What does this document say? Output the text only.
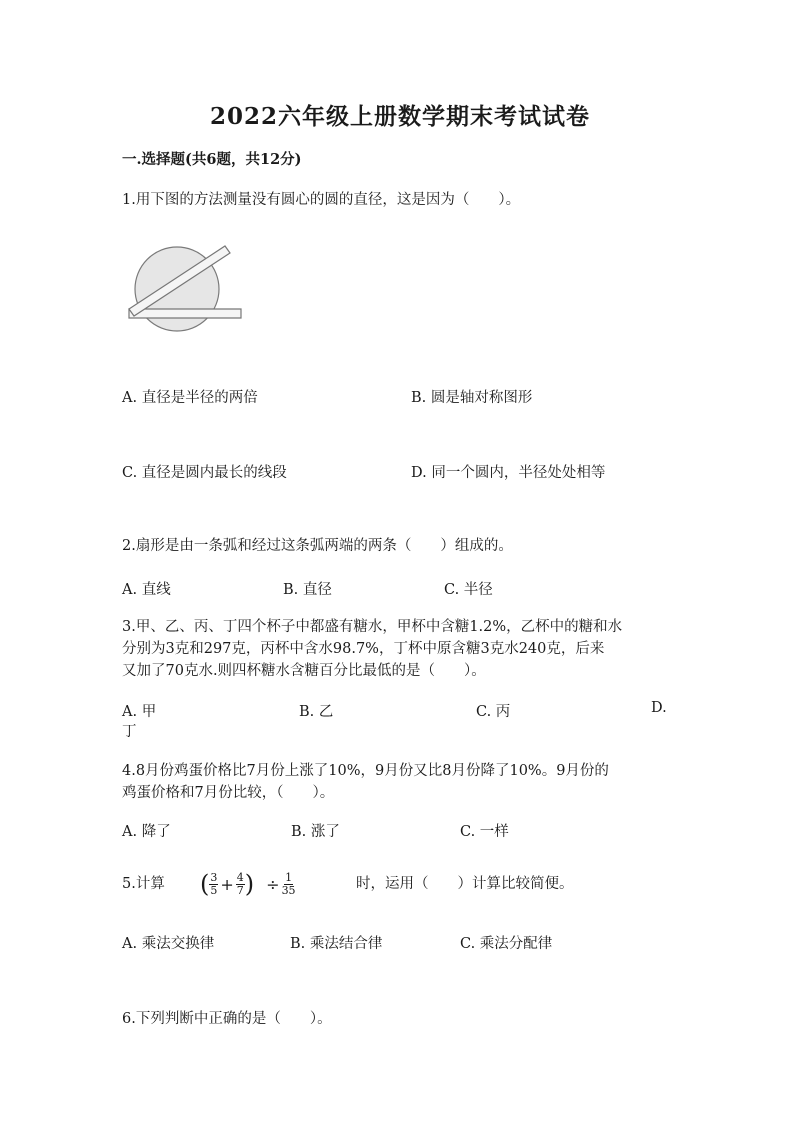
2022六年级上册数学期末考试试卷
一.选择题(共6题，共12分)
1.用下图的方法测量没有圆心的圆的直径，这是因为（　　）。
A. 直径是半径的两倍	B. 圆是轴对称图形
C. 直径是圆内最长的线段	D. 同一个圆内，半径处处相等
2.扇形是由一条弧和经过这条弧两端的两条（　　）组成的。
A. 直线	B. 直径	C. 半径
3.甲、乙、丙、丁四个杯子中都盛有糖水，甲杯中含糖1.2%，乙杯中的糖和水
分别为3克和297克，丙杯中含水98.7%，丁杯中原含糖3克水240克，后来
又加了70克水.则四杯糖水含糖百分比最低的是（　　）。
A. 甲	B. 乙	C. 丙	D.
丁
4.8月份鸡蛋价格比7月份上涨了10%，9月份又比8月份降了10%。9月份的
鸡蛋价格和7月份比较，（　　）。
A. 降了	B. 涨了	C. 一样
5.计算 ( $\frac{3}{5} + \frac{4}{7}$ ) ÷ $\frac{1}{35}$	时，运用（　　）计算比较简便。
A. 乘法交换律	B. 乘法结合律	C. 乘法分配律
6.下列判断中正确的是（　　）。
